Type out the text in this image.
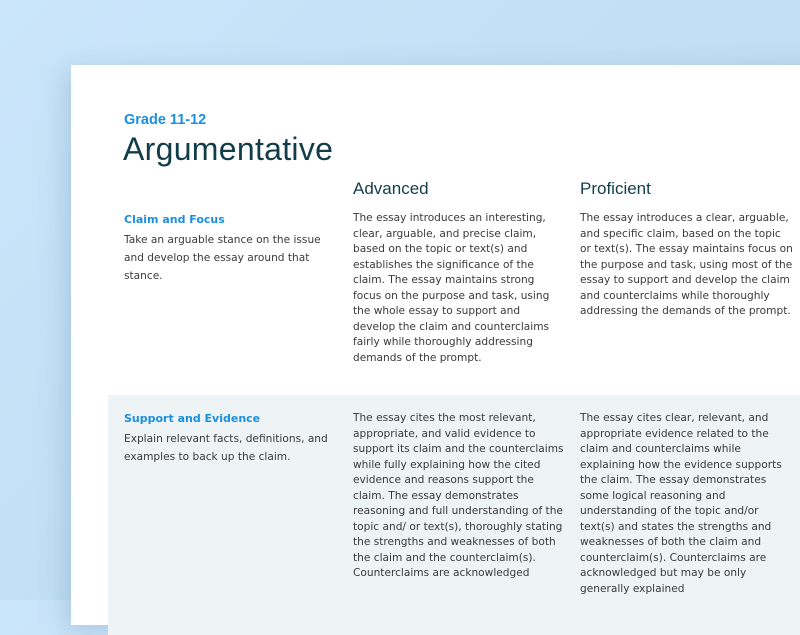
Grade 11-12
Argumentative
Advanced	Proficient
Claim and Focus
Take an arguable stance on the issue and develop the essay around that stance.
The essay introduces an interesting, clear, arguable, and precise claim, based on the topic or text(s) and establishes the significance of the claim. The essay maintains strong focus on the purpose and task, using the whole essay to support and develop the claim and counterclaims fairly while thoroughly addressing demands of the prompt.
The essay introduces a clear, arguable, and specific claim, based on the topic or text(s). The essay maintains focus on the purpose and task, using most of the essay to support and develop the claim and counterclaims while thoroughly addressing the demands of the prompt.
Support and Evidence
Explain relevant facts, definitions, and examples to back up the claim.
The essay cites the most relevant, appropriate, and valid evidence to support its claim and the counterclaims while fully explaining how the cited evidence and reasons support the claim. The essay demonstrates reasoning and full understanding of the topic and/ or text(s), thoroughly stating the strengths and weaknesses of both the claim and the counterclaim(s). Counterclaims are acknowledged
The essay cites clear, relevant, and appropriate evidence related to the claim and counterclaims while explaining how the evidence supports the claim. The essay demonstrates some logical reasoning and understanding of the topic and/or text(s) and states the strengths and weaknesses of both the claim and counterclaim(s). Counterclaims are acknowledged but may be only generally explained
